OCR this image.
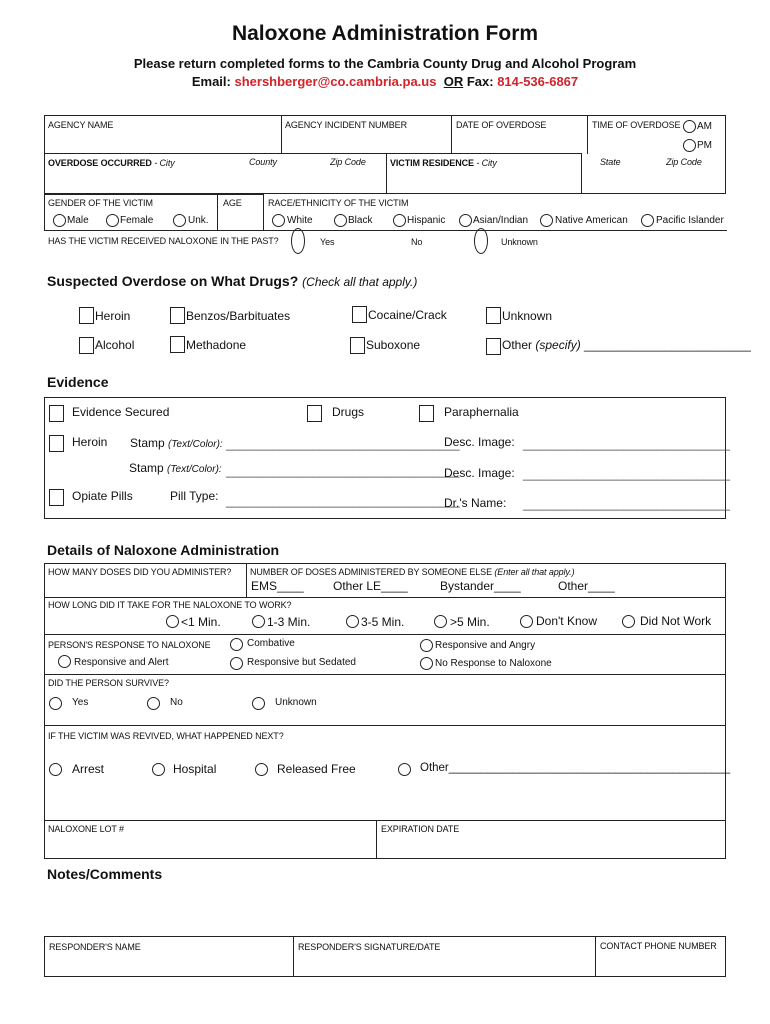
Naloxone Administration Form
Please return completed forms to the Cambria County Drug and Alcohol Program
Email: shershberger@co.cambria.pa.us OR Fax: 814-536-6867
AGENCY NAME	AGENCY INCIDENT NUMBER	DATE OF OVERDOSE	TIME OF OVERDOSE AM
PM
OVERDOSE OCCURRED - City	County	Zip Code	VICTIM RESIDENCE - City	State	Zip Code
GENDER OF THE VICTIM	AGE	RACE/ETHNICITY OF THE VICTIM
Male	Female	Unk.	White	Black	Hispanic	Asian/Indian	Native American	Pacific Islander
HAS THE VICTIM RECEIVED NALOXONE IN THE PAST?	Yes	No	Unknown
Suspected Overdose on What Drugs? (Check all that apply.)
Heroin	Benzos/Barbituates	Cocaine/Crack	Unknown
Alcohol	Methadone	Suboxone	Other (specify) _________________________
Evidence
Evidence Secured	Drugs	Paraphernalia
Heroin Stamp (Text/Color): ___________________________________
Desc. Image: _______________________________
Stamp (Text/Color): ___________________________________
Desc. Image: _______________________________
Opiate Pills	Pill Type: ___________________________________
Dr.'s Name: _______________________________
Details of Naloxone Administration
HOW MANY DOSES DID YOU ADMINISTER? NUMBER OF DOSES ADMINISTERED BY SOMEONE ELSE (Enter all that apply.)
EMS____ Other LE____	Bystander____	Other____
HOW LONG DID IT TAKE FOR THE NALOXONE TO WORK?
<1 Min.	1-3 Min.	3-5 Min.	>5 Min.	Don't Know	Did Not Work
PERSON'S RESPONSE TO NALOXONE
Responsive and Alert
Combative
Responsive but Sedated
Responsive and Angry
No Response to Naloxone
DID THE PERSON SURVIVE?
Yes	No	Unknown
IF THE VICTIM WAS REVIVED, WHAT HAPPENED NEXT?
Arrest	Hospital	Released Free	Other____________________________________________
NALOXONE LOT #	EXPIRATION DATE
Notes/Comments
RESPONDER'S NAME	RESPONDER'S SIGNATURE/DATE	CONTACT PHONE NUMBER
